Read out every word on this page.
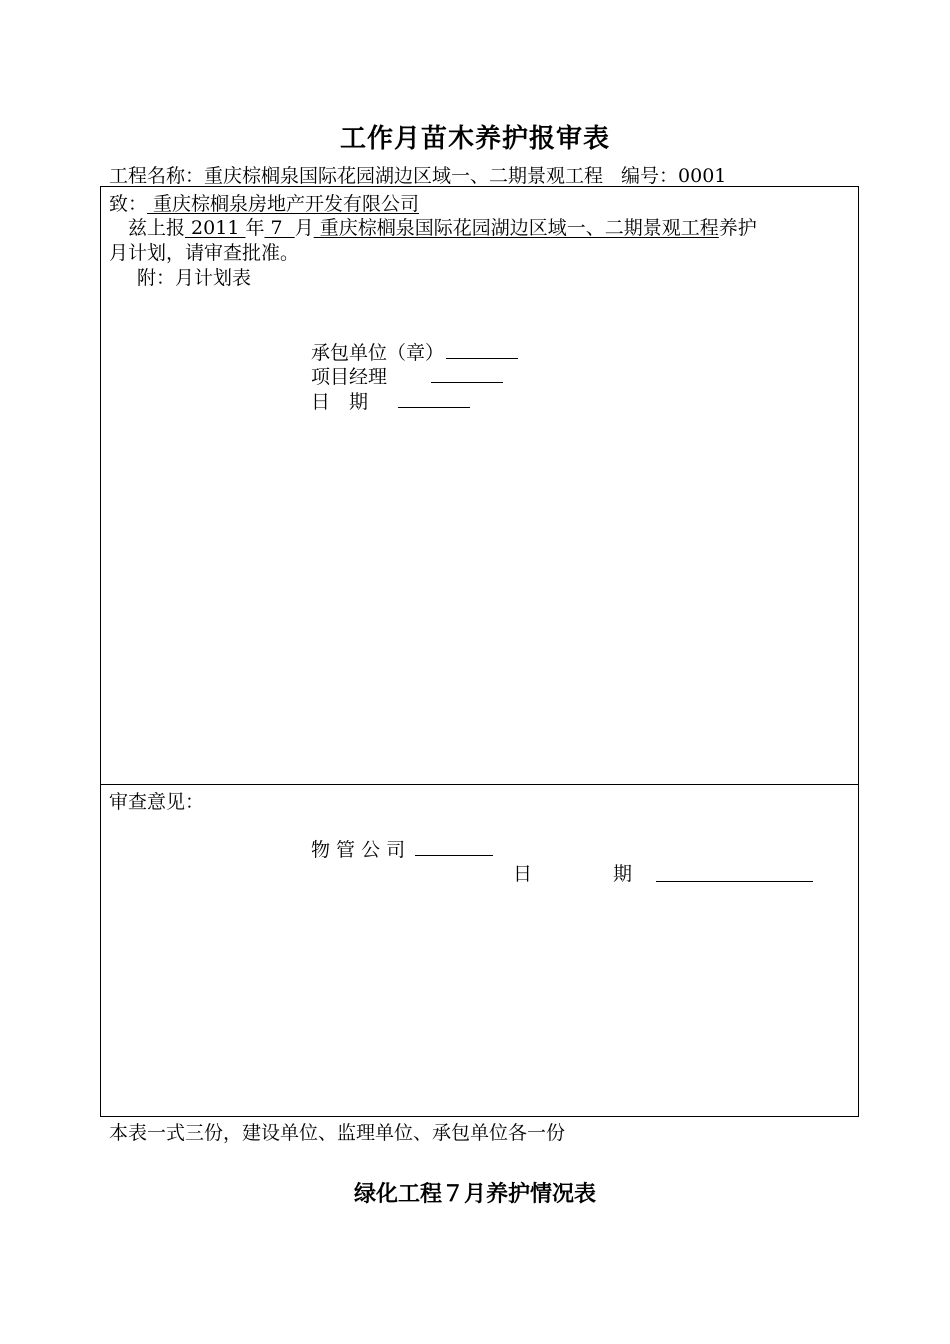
工作月苗木养护报审表
工程名称：重庆棕榈泉国际花园湖边区域一、二期景观工程 编号：0001
致： 重庆棕榈泉房地产开发有限公司
兹上报 2011 年 7  月 重庆棕榈泉国际花园湖边区域一、二期景观工程养护
月计划，请审查批准。
附：月计划表
承包单位（章）
项目经理
日　期
审查意见：
物 管 公 司
日	期
本表一式三份，建设单位、监理单位、承包单位各一份
绿化工程７月养护情况表
